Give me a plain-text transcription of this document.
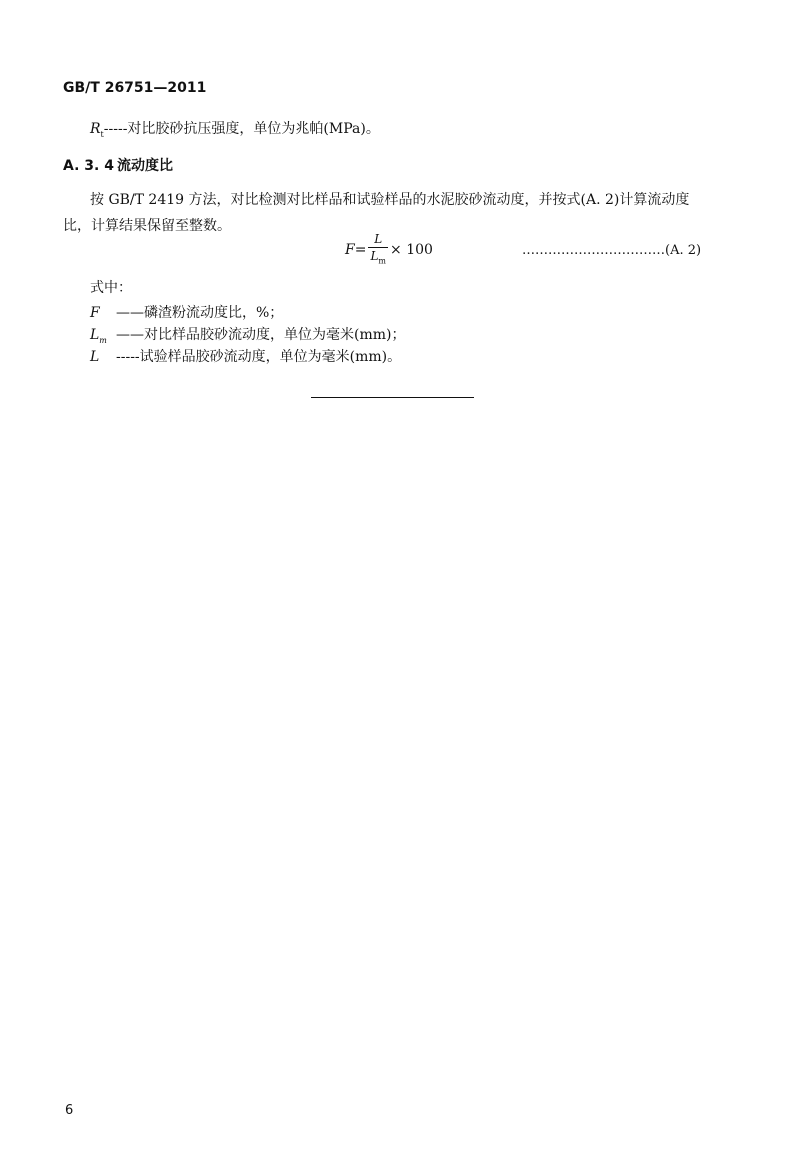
GB/T 26751—2011
$R_t-----$对比胶砂抗压强度，单位为兆帕(MPa)。
A. 3. 4 流动度比
按 GB/T 2419 方法，对比检测对比样品和试验样品的水泥胶砂流动度，并按式(A. 2)计算流动度
比，计算结果保留至整数。
$F= \frac{L}{L_m} \times 100$	……………………………(A. 2)
式中：
F ——磷渣粉流动度比，%；
$L_m$ ——对比样品胶砂流动度，单位为毫米(mm)；
L -----试验样品胶砂流动度，单位为毫米(mm)。
6
